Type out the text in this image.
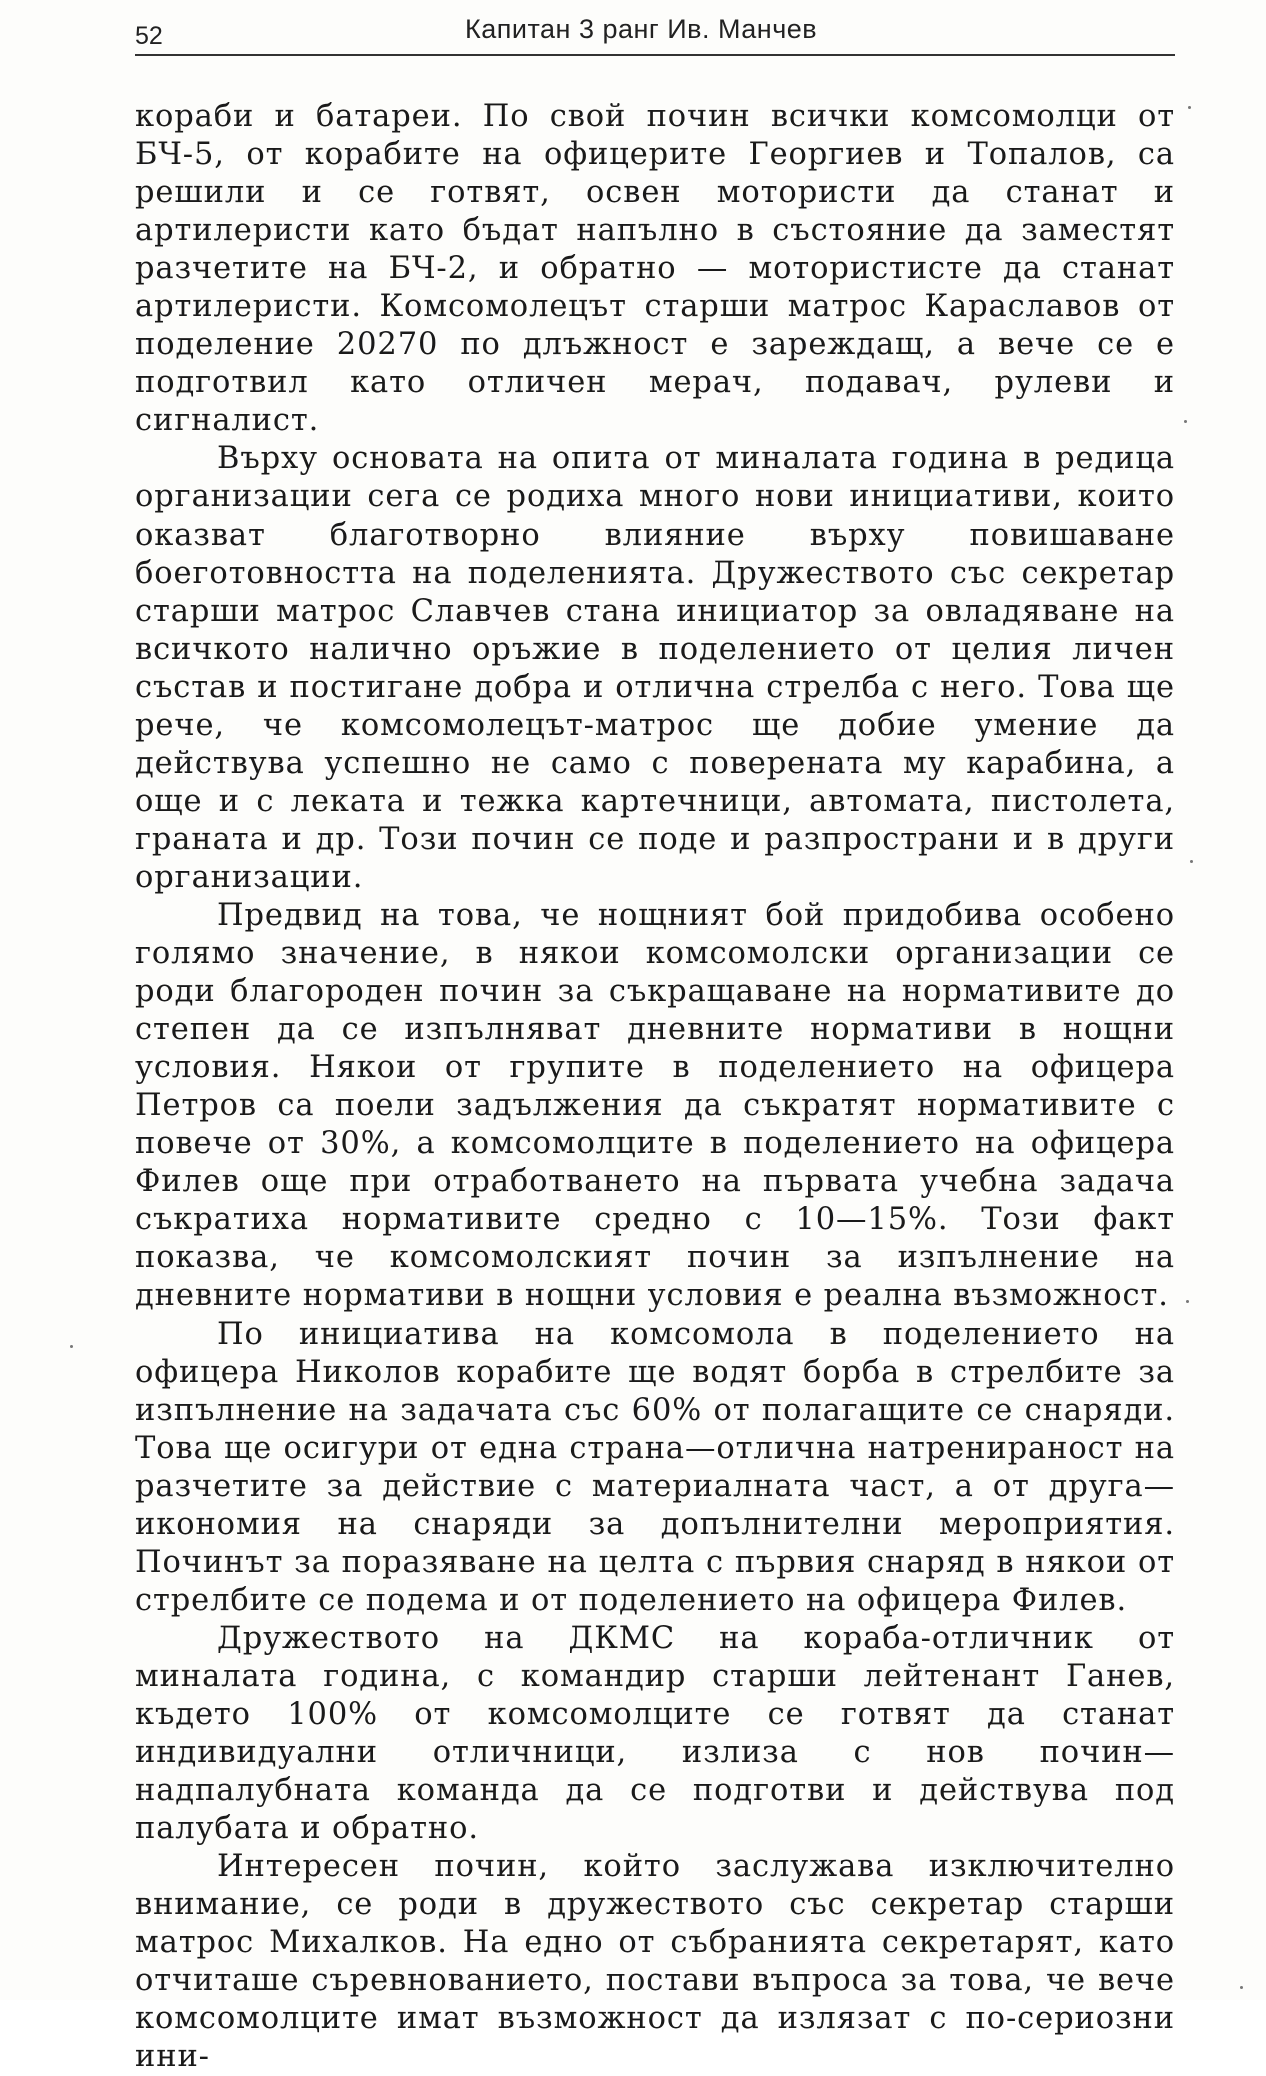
52	Капитан 3 ранг Ив. Манчев

кораби и батареи. По свой почин всички комсомолци от БЧ-5, от корабите на офицерите Георгиев и Топалов, са решили и се готвят, освен мотористи да станат и артилеристи като бъдат напълно в състояние да заместят разчетите на БЧ-2, и обратно — мотористисте да станат артилеристи. Комсомолецът старши матрос Караславов от поделение 20270 по длъжност е зареждащ, а вече се е подготвил като отличен мерач, подавач, рулеви и сигналист.

Върху основата на опита от миналата година в редица организации сега се родиха много нови инициативи, които оказват благотворно влияние върху повишаване боеготовността на поделенията. Дружеството със секретар старши матрос Славчев стана инициатор за овладяване на всичкото налично оръжие в поделението от целия личен състав и постигане добра и отлична стрелба с него. Това ще рече, че комсомолецът-матрос ще добие умение да действува успешно не само с поверената му карабина, а още и с леката и тежка картечници, автомата, пистолета, граната и др. Този почин се поде и разпространи и в други организации.

Предвид на това, че нощният бой придобива особено голямо значение, в някои комсомолски организации се роди благороден почин за съкращаване на нормативите до степен да се изпълняват дневните нормативи в нощни условия. Някои от групите в поделението на офицера Петров са поели задължения да съкратят нормативите с повече от 30%, а комсомолците в поделението на офицера Филев още при отработването на първата учебна задача съкратиха нормативите средно с 10—15%. Този факт показва, че комсомолският почин за изпълнение на дневните нормативи в нощни условия е реална възможност.

По инициатива на комсомола в поделението на офицера Николов корабите ще водят борба в стрелбите за изпълнение на задачата със 60% от полагащите се снаряди. Това ще осигури от една страна—отлична натренираност на разчетите за действие с материалната част, а от друга—икономия на снаряди за допълнителни мероприятия. Починът за поразяване на целта с първия снаряд в някои от стрелбите се подема и от поделението на офицера Филев.

Дружеството на ДКМС на кораба-отличник от миналата година, с командир старши лейтенант Ганев, където 100% от комсомолците се готвят да станат индивидуални отличници, излиза с нов почин—надпалубната команда да се подготви и действува под палубата и обратно.

Интересен почин, който заслужава изключително внимание, се роди в дружеството със секретар старши матрос Михалков. На едно от събранията секретарят, като отчиташе съревнованието, постави въпроса за това, че вече комсомолците имат възможност да излязат с по-сериозни ини-
